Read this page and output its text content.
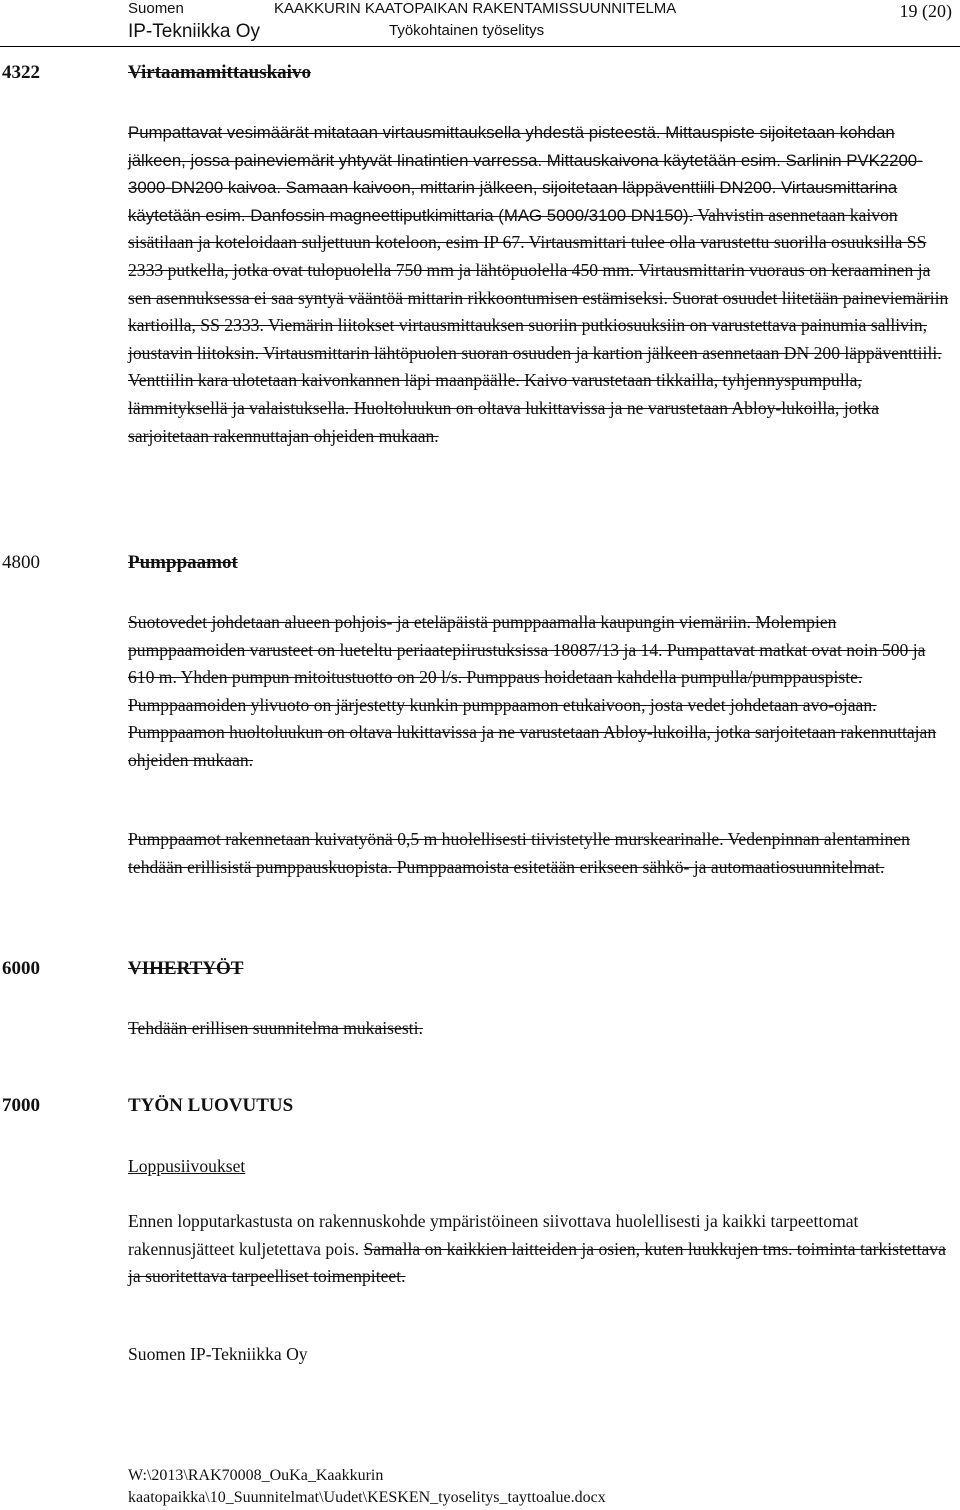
Suomen
IP-Tekniikka Oy
KAAKKURIN KAATOPAIKAN RAKENTAMISSUUNNITELMA
Työkohtainen työselitys
19 (20)
4322	Virtaamamittauskaivo

Pumpattavat vesimäärät mitataan virtausmittauksella yhdestä pisteestä. Mittauspiste sijoitetaan kohdan jälkeen, jossa paineviemärit yhtyvät Iinatintien varressa. Mittauskaivona käytetään esim. Sarlinin PVK2200-3000-DN200 kaivoa. Samaan kaivoon, mittarin jälkeen, sijoitetaan läppäventtiili DN200. Virtausmittarina käytetään esim. Danfossin magneettiputkimittaria (MAG 5000/3100 DN150). Vahvistin asennetaan kaivon sisätilaan ja koteloidaan suljettuun koteloon, esim IP 67. Virtausmittari tulee olla varustettu suorilla osuuksilla SS 2333 putkella, jotka ovat tulopuolella 750 mm ja lähtöpuolella 450 mm. Virtausmittarin vuoraus on keraaminen ja sen asennuksessa ei saa syntyä vääntöä mittarin rikkoontumisen estämiseksi. Suorat osuudet liitetään paineviemäriin kartioilla, SS 2333. Viemärin liitokset virtausmittauksen suoriin putkiosuuksiin on varustettava painumia sallivin, joustavin liitoksin. Virtausmittarin lähtöpuolen suoran osuuden ja kartion jälkeen asennetaan DN 200 läppäventtiili. Venttiilin kara ulotetaan kaivonkannen läpi maanpäälle. Kaivo varustetaan tikkailla, tyhjennyspumpulla, lämmityksellä ja valaistuksella. Huoltoluukun on oltava lukittavissa ja ne varustetaan Abloy-lukoilla, jotka sarjoitetaan rakennuttajan ohjeiden mukaan.

4800	Pumppaamot

Suotovedet johdetaan alueen pohjois- ja eteläpäistä pumppaamalla kaupungin viemäriin. Molempien pumppaamoiden varusteet on lueteltu periaatepiirustuksissa 18087/13 ja 14. Pumpattavat matkat ovat noin 500 ja 610 m. Yhden pumpun mitoitustuotto on 20 l/s. Pumppaus hoidetaan kahdella pumpulla/pumppauspiste. Pumppaamoiden ylivuoto on järjestetty kunkin pumppaamon etukaivoon, josta vedet johdetaan avo-ojaan. Pumppaamon huoltoluukun on oltava lukittavissa ja ne varustetaan Abloy-lukoilla, jotka sarjoitetaan rakennuttajan ohjeiden mukaan.

Pumppaamot rakennetaan kuivatyönä 0,5 m huolellisesti tiivistetylle murskearinalle. Vedenpinnan alentaminen tehdään erillisistä pumppauskuopista. Pumppaamoista esitetään erikseen sähkö- ja automaatiosuunnitelmat.

6000	VIHERTYÖT

Tehdään erillisen suunnitelma mukaisesti.

7000	TYÖN LUOVUTUS

Loppusiivoukset

Ennen lopputarkastusta on rakennuskohde ympäristöineen siivottava huolellisesti ja kaikki tarpeettomat rakennusjätteet kuljetettava pois. Samalla on kaikkien laitteiden ja osien, kuten luukkujen tms. toiminta tarkistettava ja suoritettava tarpeelliset toimenpiteet.

Suomen IP-Tekniikka Oy

W:\2013\RAK70008_OuKa_Kaakkurin
kaatopaikka\10_Suunnitelmat\Uudet\KESKEN_tyoselitys_tayttoalue.docx
